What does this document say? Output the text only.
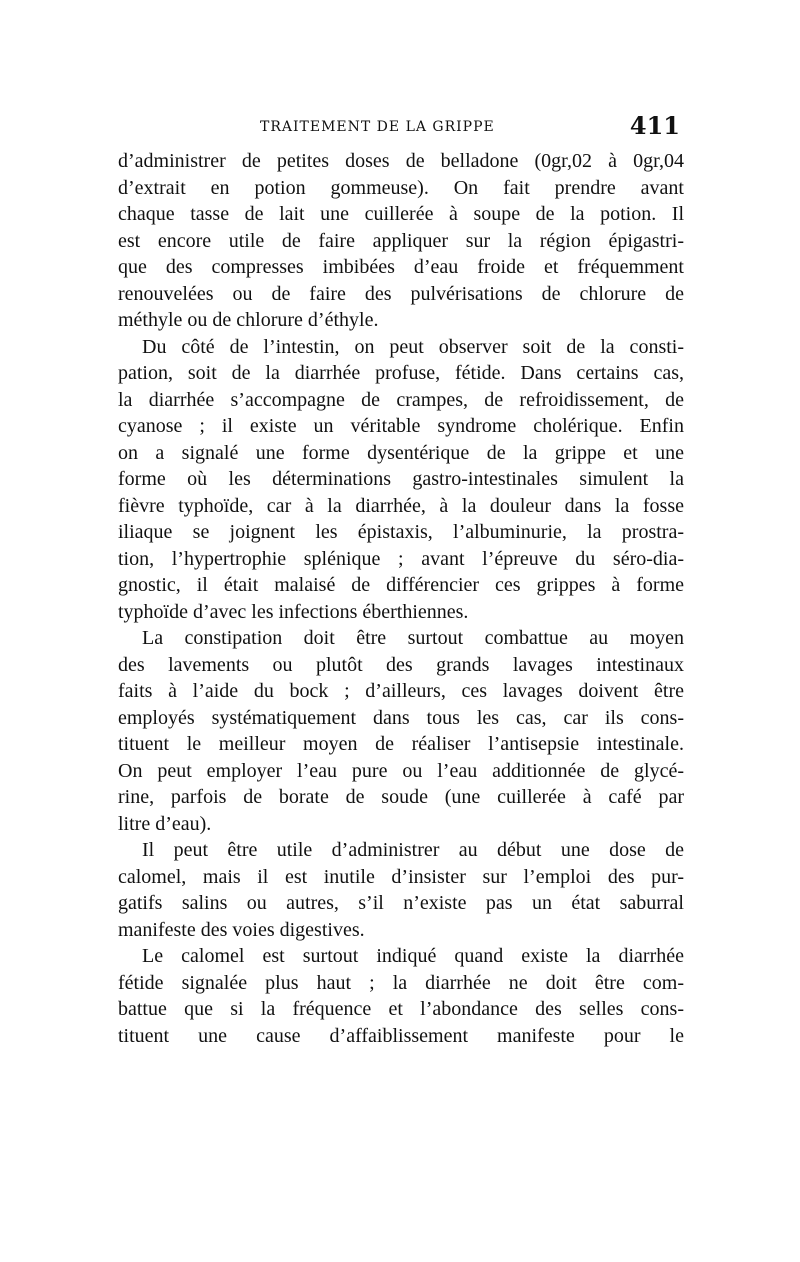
TRAITEMENT DE LA GRIPPE	411
d’administrer de petites doses de belladone (0gr,02 à 0gr,04
d’extrait en potion gommeuse). On fait prendre avant
chaque tasse de lait une cuillerée à soupe de la potion. Il
est encore utile de faire appliquer sur la région épigastri-
que des compresses imbibées d’eau froide et fréquemment
renouvelées ou de faire des pulvérisations de chlorure de
méthyle ou de chlorure d’éthyle.
Du côté de l’intestin, on peut observer soit de la consti-
pation, soit de la diarrhée profuse, fétide. Dans certains cas,
la diarrhée s’accompagne de crampes, de refroidissement, de
cyanose ; il existe un véritable syndrome cholérique. Enfin
on a signalé une forme dysentérique de la grippe et une
forme où les déterminations gastro-intestinales simulent la
fièvre typhoïde, car à la diarrhée, à la douleur dans la fosse
iliaque se joignent les épistaxis, l’albuminurie, la prostra-
tion, l’hypertrophie splénique ; avant l’épreuve du séro-dia-
gnostic, il était malaisé de différencier ces grippes à forme
typhoïde d’avec les infections éberthiennes.
La constipation doit être surtout combattue au moyen
des lavements ou plutôt des grands lavages intestinaux
faits à l’aide du bock ; d’ailleurs, ces lavages doivent être
employés systématiquement dans tous les cas, car ils cons-
tituent le meilleur moyen de réaliser l’antisepsie intestinale.
On peut employer l’eau pure ou l’eau additionnée de glycé-
rine, parfois de borate de soude (une cuillerée à café par
litre d’eau).
Il peut être utile d’administrer au début une dose de
calomel, mais il est inutile d’insister sur l’emploi des pur-
gatifs salins ou autres, s’il n’existe pas un état saburral
manifeste des voies digestives.
Le calomel est surtout indiqué quand existe la diarrhée
fétide signalée plus haut ; la diarrhée ne doit être com-
battue que si la fréquence et l’abondance des selles cons-
tituent une cause d’affaiblissement manifeste pour le
